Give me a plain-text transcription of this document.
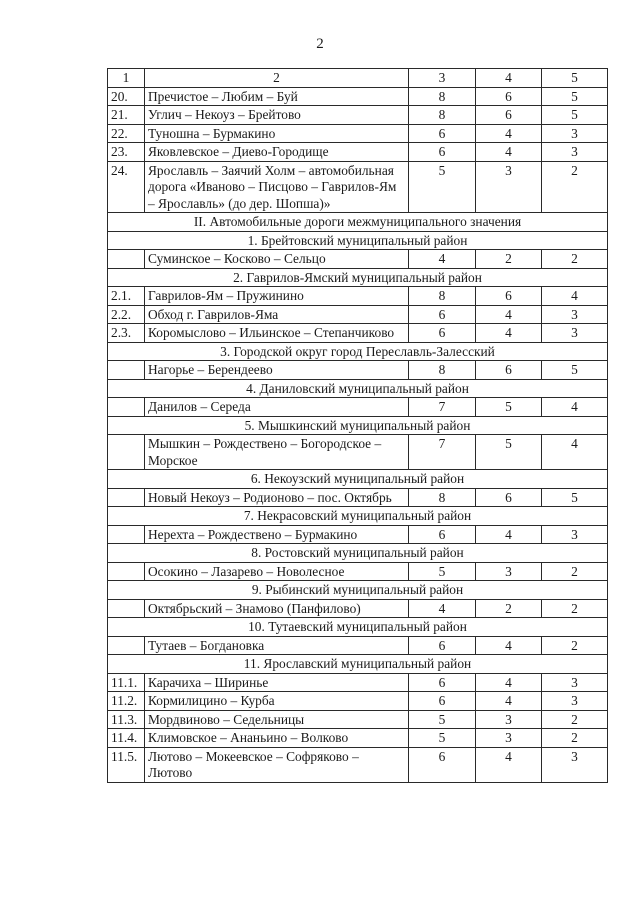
2
1	2	3	4	5
20.	Пречистое – Любим – Буй	8	6	5
21.	Углич – Некоуз – Брейтово	8	6	5
22.	Туношна – Бурмакино	6	4	3
23.	Яковлевское – Диево-Городище	6	4	3
24.	Ярославль – Заячий Холм – автомобильная дорога «Иваново – Писцово – Гаврилов-Ям – Ярославль» (до дер. Шопша)»	5	3	2
II. Автомобильные дороги межмуниципального значения				
1. Брейтовский муниципальный район				
	Суминское – Косково – Сельцо	4	2	2
2. Гаврилов-Ямский муниципальный район				
2.1.	Гаврилов-Ям – Пружинино	8	6	4
2.2.	Обход г. Гаврилов-Яма	6	4	3
2.3.	Коромыслово – Ильинское – Степанчиково	6	4	3
3. Городской округ город Переславль-Залесский				
	Нагорье – Берендеево	8	6	5
4. Даниловский муниципальный район				
	Данилов – Середа	7	5	4
5. Мышкинский муниципальный район				
	Мышкин – Рождествено – Богородское – Морское	7	5	4
6. Некоузский муниципальный район				
	Новый Некоуз – Родионово – пос. Октябрь	8	6	5
7. Некрасовский муниципальный район				
	Нерехта – Рождествено – Бурмакино	6	4	3
8. Ростовский муниципальный район				
	Осокино – Лазарево – Новолесное	5	3	2
9. Рыбинский муниципальный район				
	Октябрьский – Знамово (Панфилово)	4	2	2
10. Тутаевский муниципальный район				
	Тутаев – Богдановка	6	4	2
11. Ярославский муниципальный район				
11.1.	Карачиха – Ширинье	6	4	3
11.2.	Кормилицино – Курба	6	4	3
11.3.	Мордвиново – Седельницы	5	3	2
11.4.	Климовское – Ананьино – Волково	5	3	2
11.5.	Лютово – Мокеевское – Софряково – Лютово	6	4	3
